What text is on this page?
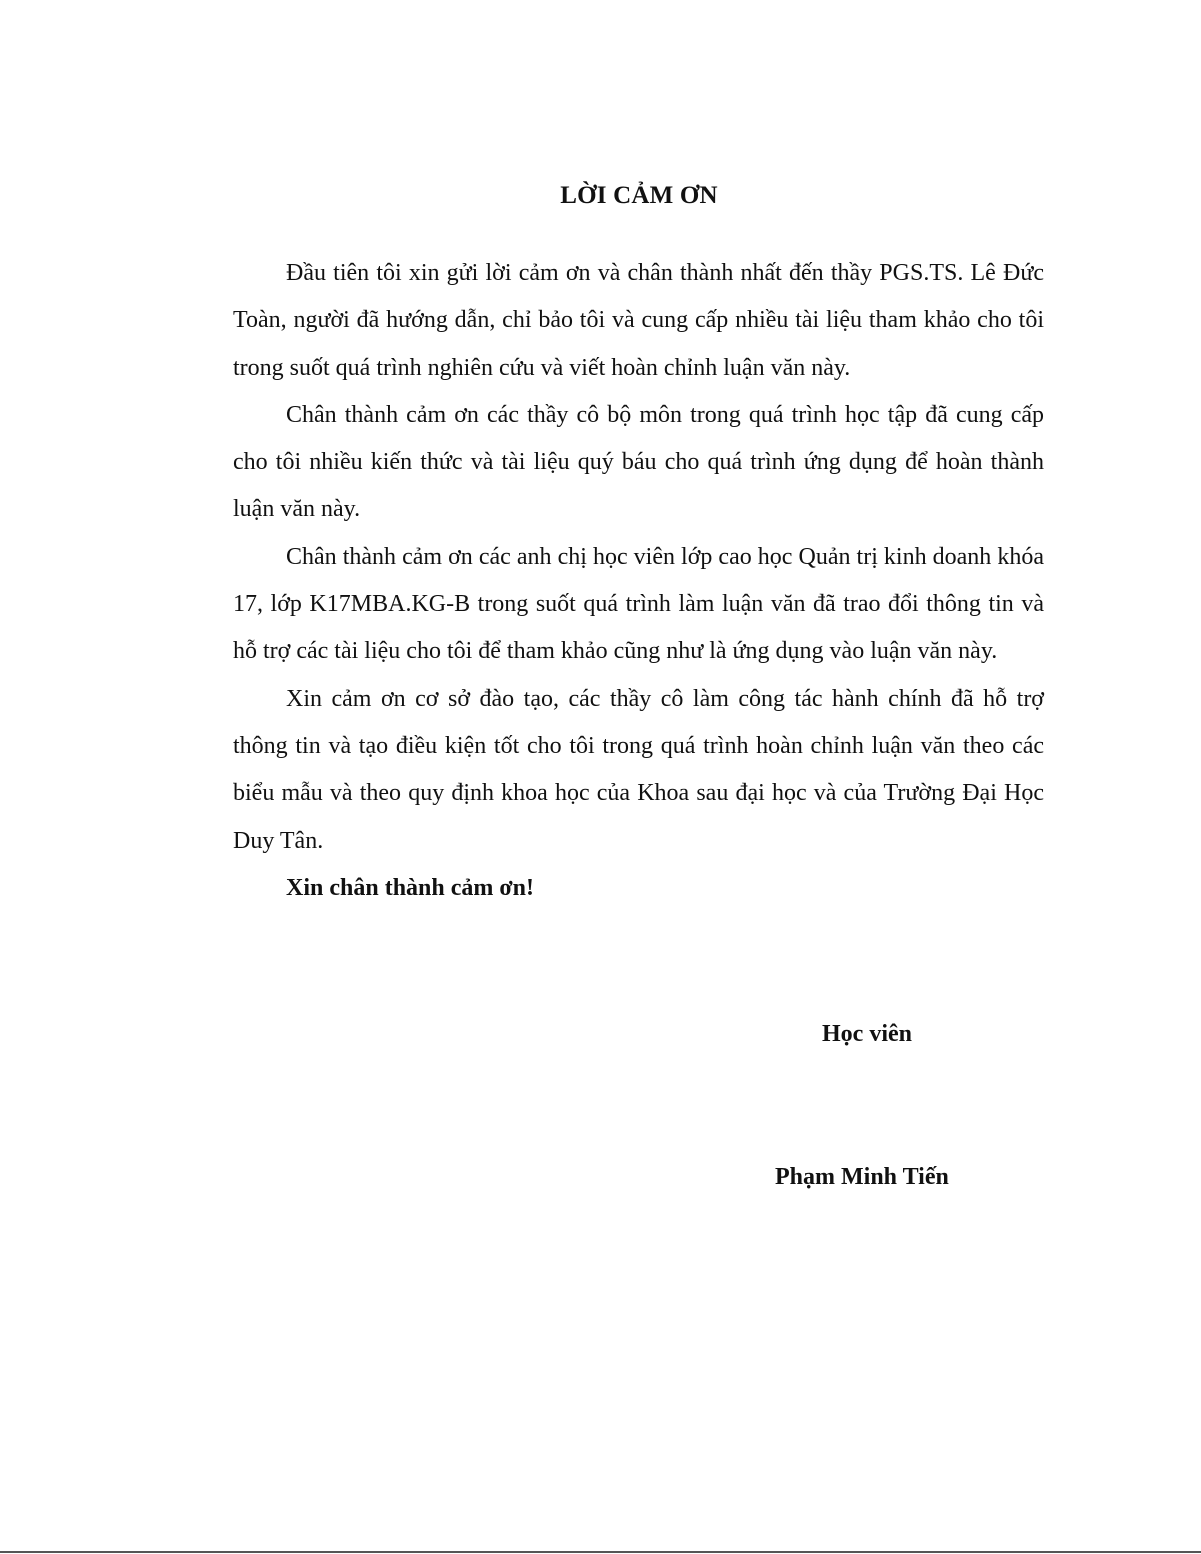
LỜI CẢM ƠN

Đầu tiên tôi xin gửi lời cảm ơn và chân thành nhất đến thầy PGS.TS. Lê Đức Toàn, người đã hướng dẫn, chỉ bảo tôi và cung cấp nhiều tài liệu tham khảo cho tôi trong suốt quá trình nghiên cứu và viết hoàn chỉnh luận văn này.

Chân thành cảm ơn các thầy cô bộ môn trong quá trình học tập đã cung cấp cho tôi nhiều kiến thức và tài liệu quý báu cho quá trình ứng dụng để hoàn thành luận văn này.

Chân thành cảm ơn các anh chị học viên lớp cao học Quản trị kinh doanh khóa 17, lớp K17MBA.KG-B trong suốt quá trình làm luận văn đã trao đổi thông tin và hỗ trợ các tài liệu cho tôi để tham khảo cũng như là ứng dụng vào luận văn này.

Xin cảm ơn cơ sở đào tạo, các thầy cô làm công tác hành chính đã hỗ trợ thông tin và tạo điều kiện tốt cho tôi trong quá trình hoàn chỉnh luận văn theo các biểu mẫu và theo quy định khoa học của Khoa sau đại học và của Trường Đại Học Duy Tân.

Xin chân thành cảm ơn!

Học viên
Phạm Minh Tiến
